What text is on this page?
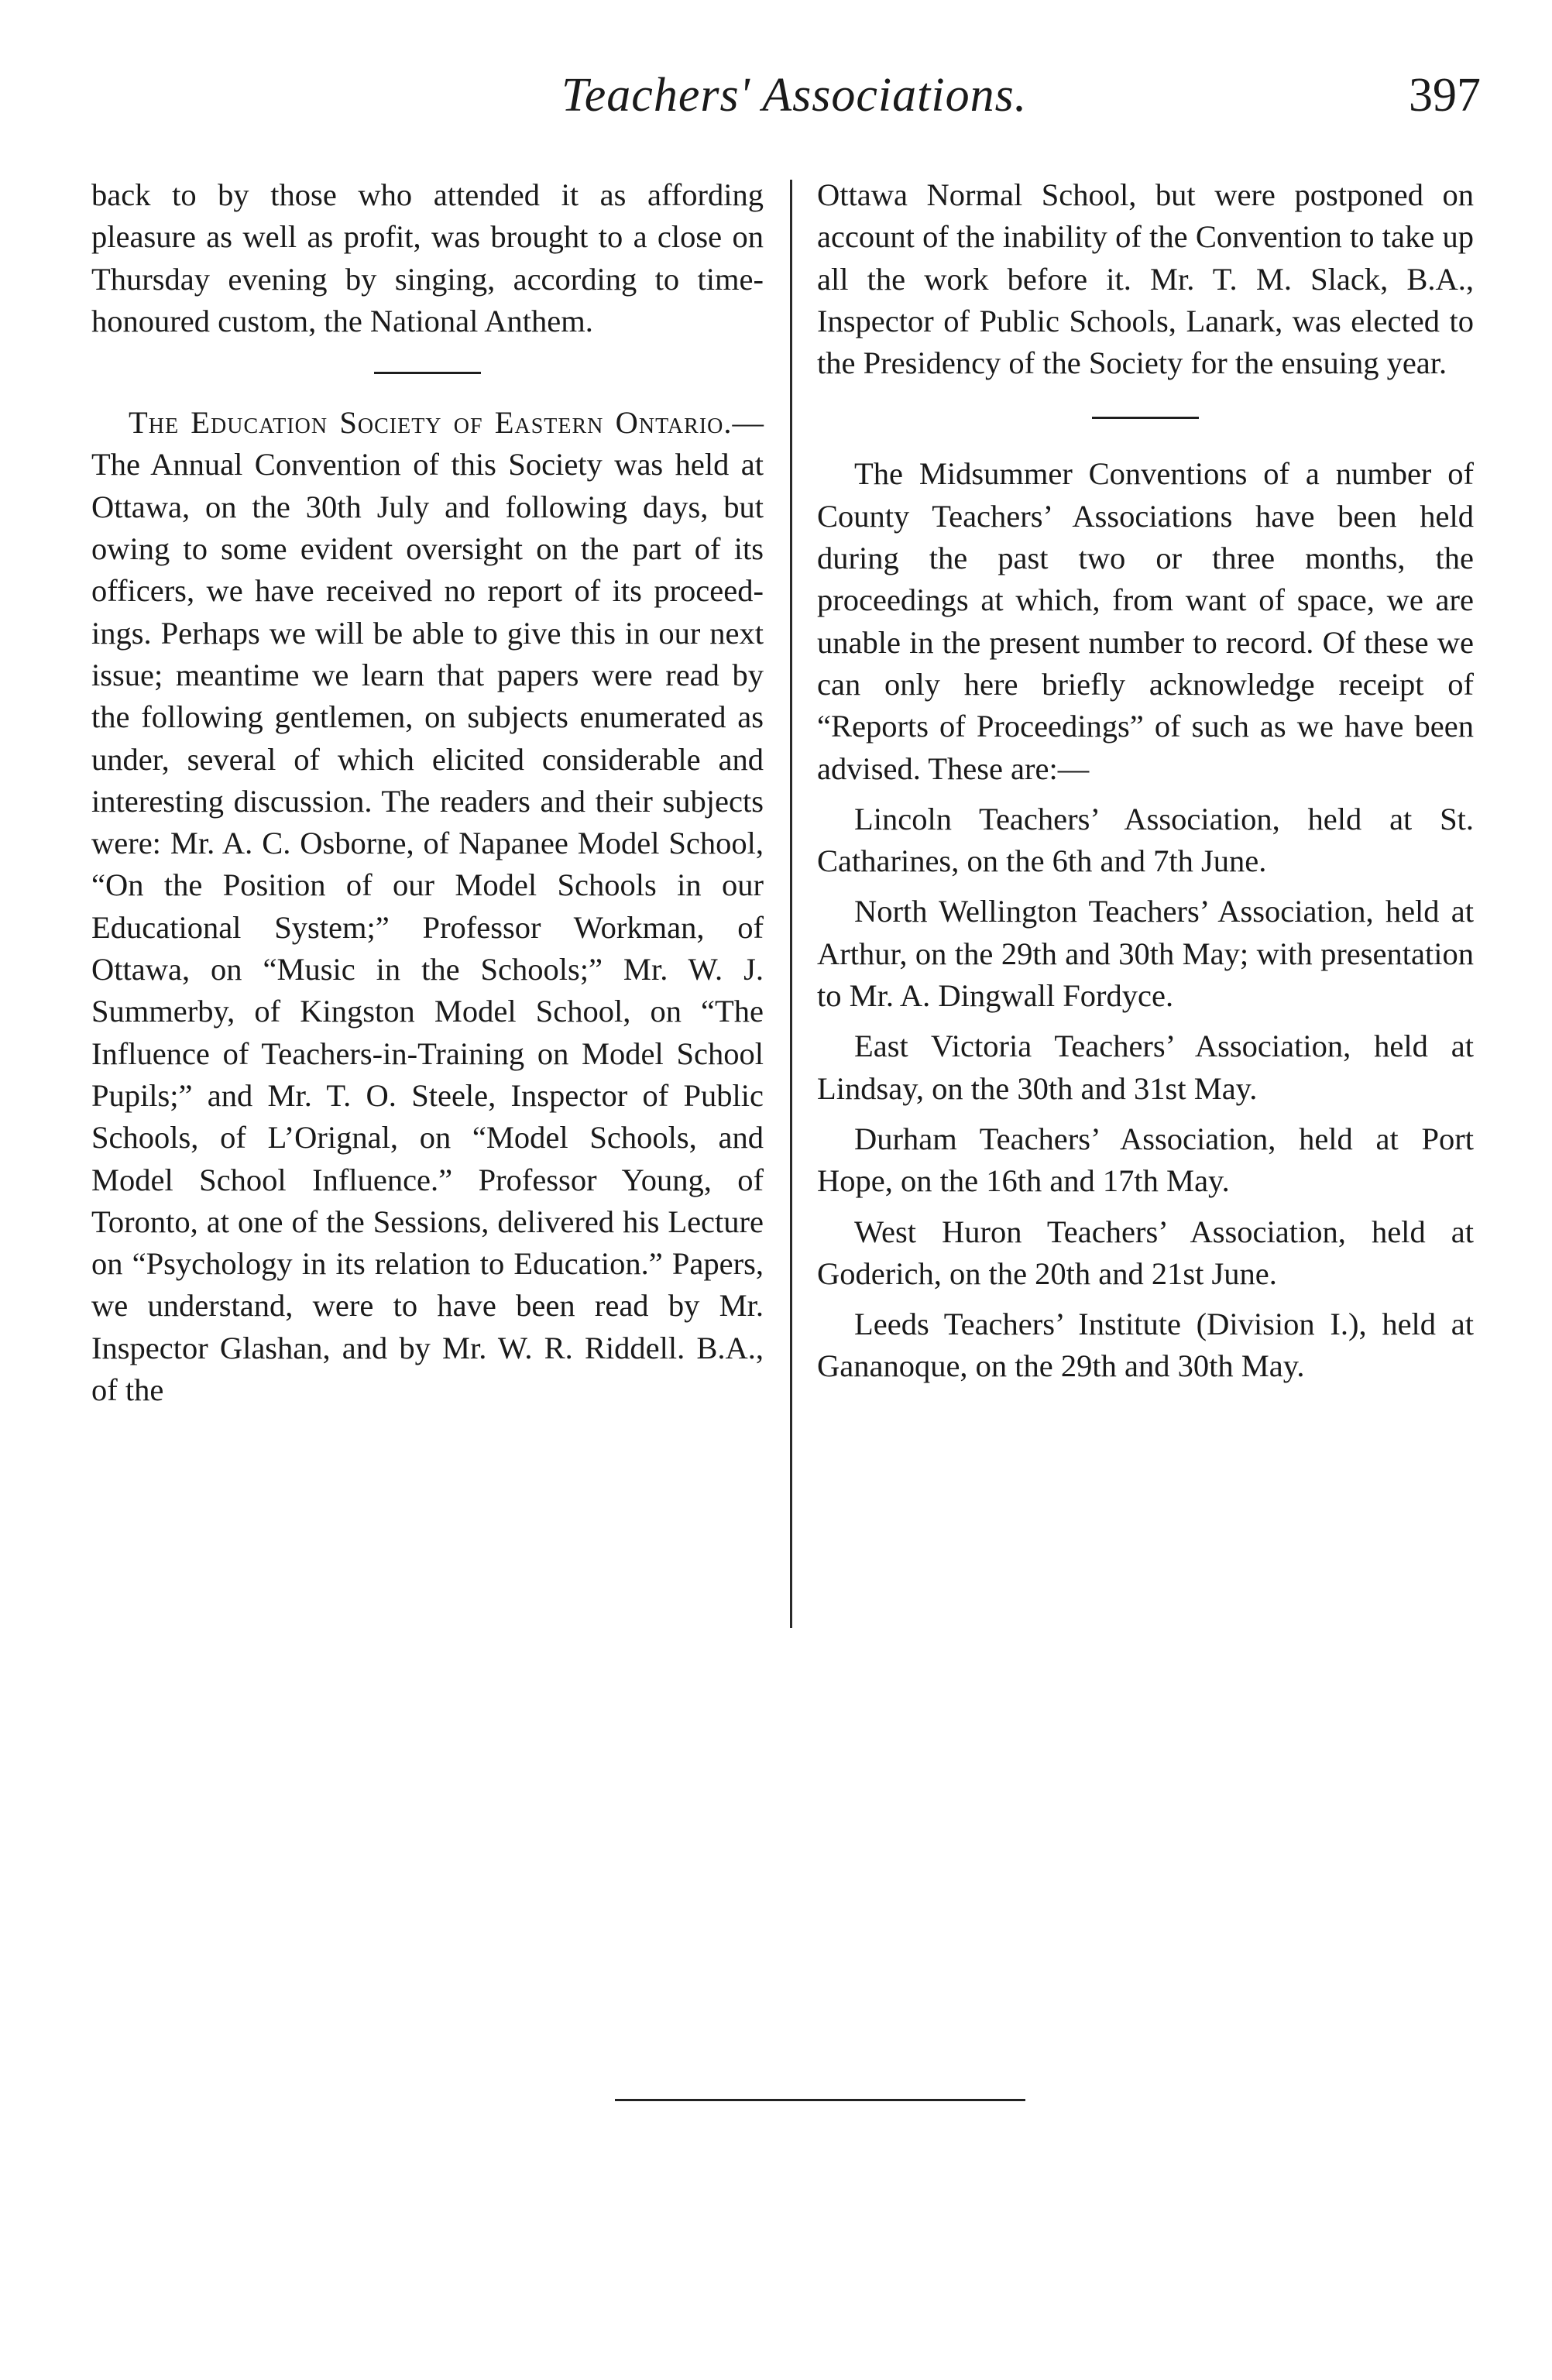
Teachers' Associations.	397

back to by those who attended it as affording pleasure as well as profit, was brought to a close on Thursday evening by singing, according to time-honoured custom, the National Anthem.

The Education Society of Eastern Ontario.—The Annual Convention of this Society was held at Ottawa, on the 30th July and following days, but owing to some evident oversight on the part of its officers, we have received no report of its proceedings. Perhaps we will be able to give this in our next issue; meantime we learn that papers were read by the following gentlemen, on subjects enumerated as under, several of which elicited considerable and interesting discussion. The readers and their subjects were: Mr. A. C. Osborne, of Napanee Model School, “On the Position of our Model Schools in our Educational System;” Professor Workman, of Ottawa, on “Music in the Schools;” Mr. W. J. Summerby, of Kingston Model School, on “The Influence of Teachers-in-Training on Model School Pupils;” and Mr. T. O. Steele, Inspector of Public Schools, of L’Orignal, on “Model Schools, and Model School Influence.” Professor Young, of Toronto, at one of the Sessions, delivered his Lecture on “Psychology in its relation to Education.” Papers, we understand, were to have been read by Mr. Inspector Glashan, and by Mr. W. R. Riddell. B.A., of the

Ottawa Normal School, but were postponed on account of the inability of the Convention to take up all the work before it. Mr. T. M. Slack, B.A., Inspector of Public Schools, Lanark, was elected to the Presidency of the Society for the ensuing year.

The Midsummer Conventions of a number of County Teachers’ Associations have been held during the past two or three months, the proceedings at which, from want of space, we are unable in the present number to record. Of these we can only here briefly acknowledge receipt of “Reports of Proceedings” of such as we have been advised. These are:—

Lincoln Teachers’ Association, held at St. Catharines, on the 6th and 7th June.

North Wellington Teachers’ Association, held at Arthur, on the 29th and 30th May; with presentation to Mr. A. Dingwall Fordyce.

East Victoria Teachers’ Association, held at Lindsay, on the 30th and 31st May.

Durham Teachers’ Association, held at Port Hope, on the 16th and 17th May.

West Huron Teachers’ Association, held at Goderich, on the 20th and 21st June.

Leeds Teachers’ Institute (Division I.), held at Gananoque, on the 29th and 30th May.
